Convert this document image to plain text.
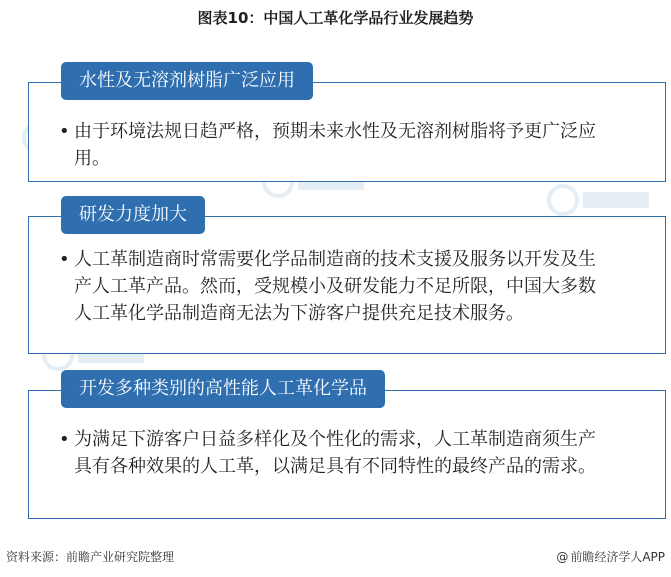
图表10：中国人工革化学品行业发展趋势
水性及无溶剂树脂广泛应用
• 由于环境法规日趋严格，预期未来水性及无溶剂树脂将予更广泛应用。
研发力度加大
• 人工革制造商时常需要化学品制造商的技术支援及服务以开发及生产人工革产品。然而，受规模小及研发能力不足所限，中国大多数人工革化学品制造商无法为下游客户提供充足技术服务。
开发多种类别的高性能人工革化学品
• 为满足下游客户日益多样化及个性化的需求，人工革制造商须生产具有各种效果的人工革，以满足具有不同特性的最终产品的需求。
资料来源：前瞻产业研究院整理	@ 前瞻经济学人APP
